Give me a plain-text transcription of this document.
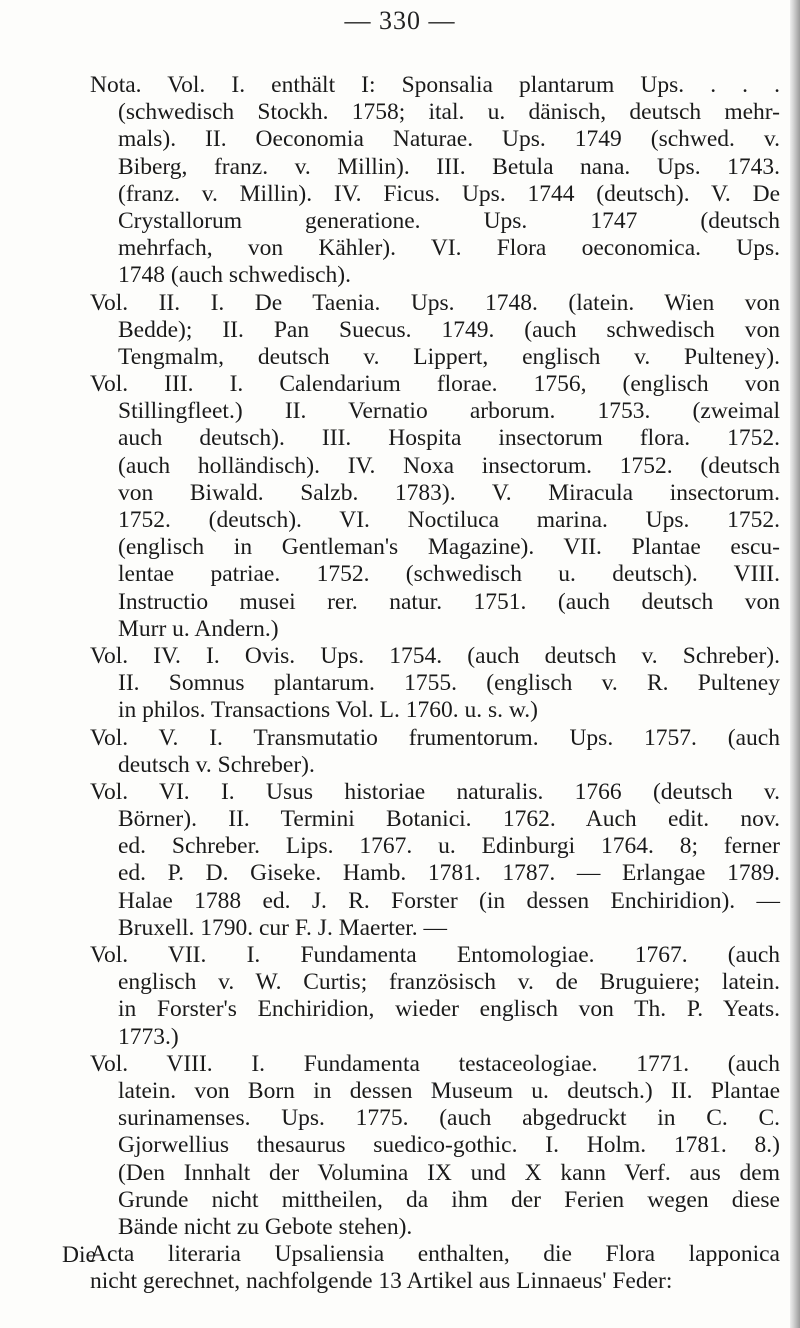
— 330 —
Nota. Vol. I. enthält I: Sponsalia plantarum Ups. . . .
(schwedisch Stockh. 1758; ital. u. dänisch, deutsch mehr-
mals). II. Oeconomia Naturae. Ups. 1749 (schwed. v.
Biberg, franz. v. Millin). III. Betula nana. Ups. 1743.
(franz. v. Millin). IV. Ficus. Ups. 1744 (deutsch). V. De
Crystallorum generatione. Ups. 1747 (deutsch
mehrfach, von Kähler). VI. Flora oeconomica. Ups.
1748 (auch schwedisch).
Vol. II. I. De Taenia. Ups. 1748. (latein. Wien von
Bedde); II. Pan Suecus. 1749. (auch schwedisch von
Tengmalm, deutsch v. Lippert, englisch v. Pulteney).
Vol. III. I. Calendarium florae. 1756, (englisch von
Stillingfleet.) II. Vernatio arborum. 1753. (zweimal
auch deutsch). III. Hospita insectorum flora. 1752.
(auch holländisch). IV. Noxa insectorum. 1752. (deutsch
von Biwald. Salzb. 1783). V. Miracula insectorum.
1752. (deutsch). VI. Noctiluca marina. Ups. 1752.
(englisch in Gentleman's Magazine). VII. Plantae escu-
lentae patriae. 1752. (schwedisch u. deutsch). VIII.
Instructio musei rer. natur. 1751. (auch deutsch von
Murr u. Andern.)
Vol. IV. I. Ovis. Ups. 1754. (auch deutsch v. Schreber).
II. Somnus plantarum. 1755. (englisch v. R. Pulteney
in philos. Transactions Vol. L. 1760. u. s. w.)
Vol. V. I. Transmutatio frumentorum. Ups. 1757. (auch
deutsch v. Schreber).
Vol. VI. I. Usus historiae naturalis. 1766 (deutsch v.
Börner). II. Termini Botanici. 1762. Auch edit. nov.
ed. Schreber. Lips. 1767. u. Edinburgi 1764. 8; ferner
ed. P. D. Giseke. Hamb. 1781. 1787. — Erlangae 1789.
Halae 1788 ed. J. R. Forster (in dessen Enchiridion). —
Bruxell. 1790. cur F. J. Maerter. —
Vol. VII. I. Fundamenta Entomologiae. 1767. (auch
englisch v. W. Curtis; französisch v. de Bruguiere; latein.
in Forster's Enchiridion, wieder englisch von Th. P. Yeats.
1773.)
Vol. VIII. I. Fundamenta testaceologiae. 1771. (auch
latein. von Born in dessen Museum u. deutsch.) II. Plantae
surinamenses. Ups. 1775. (auch abgedruckt in C. C.
Gjorwellius thesaurus suedico-gothic. I. Holm. 1781. 8.)
(Den Innhalt der Volumina IX und X kann Verf. aus dem
Grunde nicht mittheilen, da ihm der Ferien wegen diese
Bände nicht zu Gebote stehen).
Acta literaria Upsaliensia enthalten, die Flora lapponica
nicht gerechnet, nachfolgende 13 Artikel aus Linnaeus' Feder:
Die
